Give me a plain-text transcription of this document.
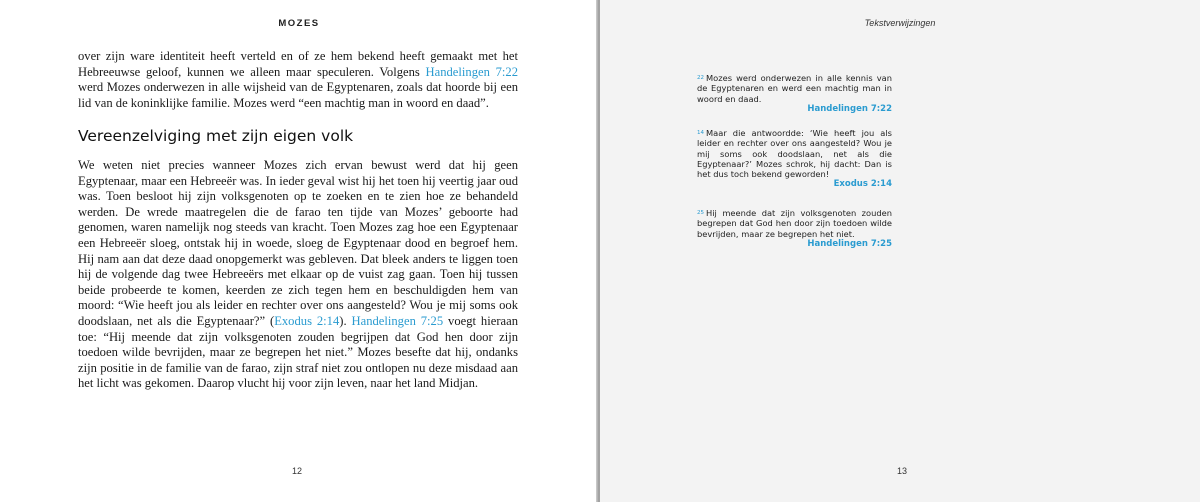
MOZES

over zijn ware identiteit heeft verteld en of ze hem bekend heeft gemaakt met het Hebreeuwse geloof, kunnen we alleen maar speculeren. Volgens Handelingen 7:22 werd Mozes onderwezen in alle wijsheid van de Egyptenaren, zoals dat hoorde bij een lid van de koninklijke familie. Mozes werd “een machtig man in woord en daad”.

Vereenzelviging met zijn eigen volk

We weten niet precies wanneer Mozes zich ervan bewust werd dat hij geen Egyptenaar, maar een Hebreeër was. In ieder geval wist hij het toen hij veertig jaar oud was. Toen besloot hij zijn volksgenoten op te zoeken en te zien hoe ze behandeld werden. De wrede maatregelen die de farao ten tijde van Mozes’ geboorte had genomen, waren namelijk nog steeds van kracht. Toen Mozes zag hoe een Egyptenaar een Hebreeër sloeg, ontstak hij in woede, sloeg de Egyptenaar dood en begroef hem. Hij nam aan dat deze daad onopgemerkt was gebleven. Dat bleek anders te liggen toen hij de volgende dag twee Hebreeërs met elkaar op de vuist zag gaan. Toen hij tussen beide probeerde te komen, keerden ze zich tegen hem en beschuldigden hem van moord: “Wie heeft jou als leider en rechter over ons aangesteld? Wou je mij soms ook doodslaan, net als die Egyptenaar?” (Exodus 2:14). Handelingen 7:25 voegt hieraan toe: “Hij meende dat zijn volksgenoten zouden begrijpen dat God hen door zijn toedoen wilde bevrijden, maar ze begrepen het niet.” Mozes besefte dat hij, ondanks zijn positie in de familie van de farao, zijn straf niet zou ontlopen nu deze misdaad aan het licht was gekomen. Daarop vlucht hij voor zijn leven, naar het land Midjan.

12
Tekstverwijzingen
$^{22}$ Mozes werd onderwezen in alle kennis van de Egyptenaren en werd een machtig man in woord en daad.
Handelingen 7:22
$^{14}$ Maar die antwoordde: ‘Wie heeft jou als leider en rechter over ons aangesteld? Wou je mij soms ook doodslaan, net als die Egyptenaar?’ Mozes schrok, hij dacht: Dan is het dus toch bekend geworden!
Exodus 2:14
$^{25}$ Hij meende dat zijn volksgenoten zouden begrepen dat God hen door zijn toedoen wilde bevrijden, maar ze begrepen het niet.
Handelingen 7:25
13
